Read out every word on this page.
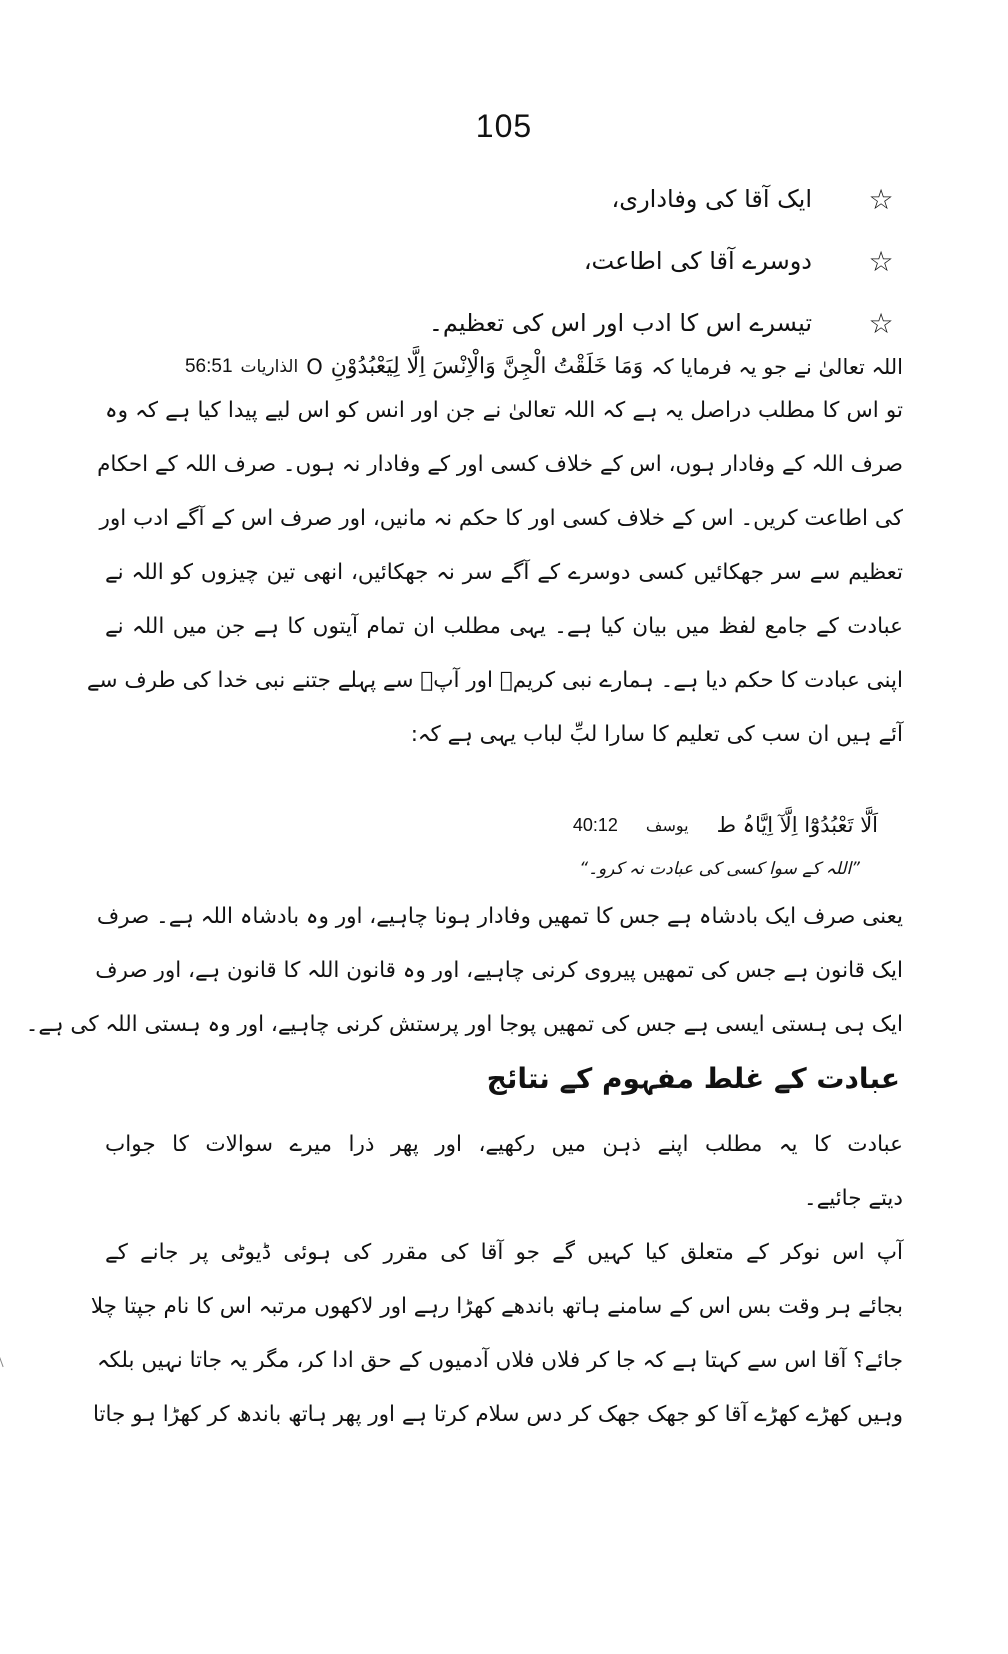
105
☆
ایک آقا کی وفاداری،
☆
دوسرے آقا کی اطاعت،
☆
تیسرے اس کا ادب اور اس کی تعظیم۔
اللہ تعالیٰ نے جو یہ فرمایا کہ
وَمَا خَلَقْتُ الْجِنَّ وَالْاِنْسَ اِلَّا لِیَعْبُدُوْنِ
O
الذاریات
56:51
تو اس کا مطلب دراصل یہ ہے کہ اللہ تعالیٰ نے جن اور انس کو اس لیے پیدا کیا ہے کہ وہ
صرف اللہ کے وفادار ہوں، اس کے خلاف کسی اور کے وفادار نہ ہوں۔ صرف اللہ کے احکام
کی اطاعت کریں۔ اس کے خلاف کسی اور کا حکم نہ مانیں، اور صرف اس کے آگے ادب اور
تعظیم سے سر جھکائیں کسی دوسرے کے آگے سر نہ جھکائیں، انھی تین چیزوں کو اللہ نے
عبادت کے جامع لفظ میں بیان کیا ہے۔ یہی مطلب ان تمام آیتوں کا ہے جن میں اللہ نے
اپنی عبادت کا حکم دیا ہے۔ ہمارے نبی کریمؐ اور آپؐ سے پہلے جتنے نبی خدا کی طرف سے
آئے ہیں ان سب کی تعلیم کا سارا لبِّ لباب یہی ہے کہ:
اَلَّا تَعْبُدُوْٓا اِلَّآ اِیَّاہُ ط
یوسف
40:12
”اللہ کے سوا کسی کی عبادت نہ کرو۔“
یعنی صرف ایک بادشاہ ہے جس کا تمھیں وفادار ہونا چاہیے، اور وہ بادشاہ اللہ ہے۔ صرف
ایک قانون ہے جس کی تمھیں پیروی کرنی چاہیے، اور وہ قانون اللہ کا قانون ہے، اور صرف
ایک ہی ہستی ایسی ہے جس کی تمھیں پوجا اور پرستش کرنی چاہیے، اور وہ ہستی اللہ کی ہے۔
عبادت کے غلط مفہوم کے نتائج
عبادت کا یہ مطلب اپنے ذہن میں رکھیے، اور پھر ذرا میرے سوالات کا جواب
دیتے جائیے۔
آپ اس نوکر کے متعلق کیا کہیں گے جو آقا کی مقرر کی ہوئی ڈیوٹی پر جانے کے
بجائے ہر وقت بس اس کے سامنے ہاتھ باندھے کھڑا رہے اور لاکھوں مرتبہ اس کا نام جپتا چلا
جائے؟ آقا اس سے کہتا ہے کہ جا کر فلاں فلاں آدمیوں کے حق ادا کر، مگر یہ جاتا نہیں بلکہ
وہیں کھڑے کھڑے آقا کو جھک جھک کر دس سلام کرتا ہے اور پھر ہاتھ باندھ کر کھڑا ہو جاتا
